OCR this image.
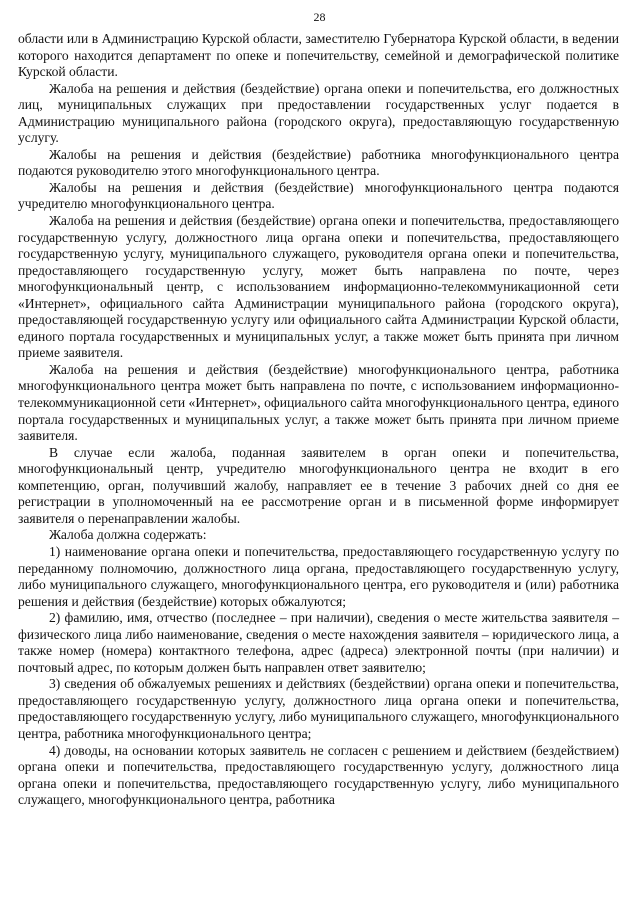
28

области или в Администрацию Курской области, заместителю Губернатора Курской области, в ведении которого находится департамент по опеке и попечительству, семейной и демографической политике Курской области.

Жалоба на решения и действия (бездействие) органа опеки и попечительства, его должностных лиц, муниципальных служащих при предоставлении государственных услуг подается в Администрацию муниципального района (городского округа), предоставляющую государственную услугу.

Жалобы на решения и действия (бездействие) работника многофункционального центра подаются руководителю этого многофункционального центра.

Жалобы на решения и действия (бездействие) многофункционального центра подаются учредителю многофункционального центра.

Жалоба на решения и действия (бездействие) органа опеки и попечительства, предоставляющего государственную услугу, должностного лица органа опеки и попечительства, предоставляющего государственную услугу, муниципального служащего, руководителя органа опеки и попечительства, предоставляющего государственную услугу, может быть направлена по почте, через многофункциональный центр, с использованием информационно-телекоммуникационной сети «Интернет», официального сайта Администрации муниципального района (городского округа), предоставляющей государственную услугу или официального сайта Администрации Курской области, единого портала государственных и муниципальных услуг, а также может быть принята при личном приеме заявителя.

Жалоба на решения и действия (бездействие) многофункционального центра, работника многофункционального центра может быть направлена по почте, с использованием информационно-телекоммуникационной сети «Интернет», официального сайта многофункционального центра, единого портала государственных и муниципальных услуг, а также может быть принята при личном приеме заявителя.

В случае если жалоба, поданная заявителем в орган опеки и попечительства, многофункциональный центр, учредителю многофункционального центра не входит в его компетенцию, орган, получивший жалобу, направляет ее в течение 3 рабочих дней со дня ее регистрации в уполномоченный на ее рассмотрение орган и в письменной форме информирует заявителя о перенаправлении жалобы.

Жалоба должна содержать:

1) наименование органа опеки и попечительства, предоставляющего государственную услугу по переданному полномочию, должностного лица органа, предоставляющего государственную услугу, либо муниципального служащего, многофункционального центра, его руководителя и (или) работника решения и действия (бездействие) которых обжалуются;

2) фамилию, имя, отчество (последнее – при наличии), сведения о месте жительства заявителя – физического лица либо наименование, сведения о месте нахождения заявителя – юридического лица, а также номер (номера) контактного телефона, адрес (адреса) электронной почты (при наличии) и почтовый адрес, по которым должен быть направлен ответ заявителю;

3) сведения об обжалуемых решениях и действиях (бездействии) органа опеки и попечительства, предоставляющего государственную услугу, должностного лица органа опеки и попечительства, предоставляющего государственную услугу, либо муниципального служащего, многофункционального центра, работника многофункционального центра;

4) доводы, на основании которых заявитель не согласен с решением и действием (бездействием) органа опеки и попечительства, предоставляющего государственную услугу, должностного лица органа опеки и попечительства, предоставляющего государственную услугу, либо муниципального служащего, многофункционального центра, работника
